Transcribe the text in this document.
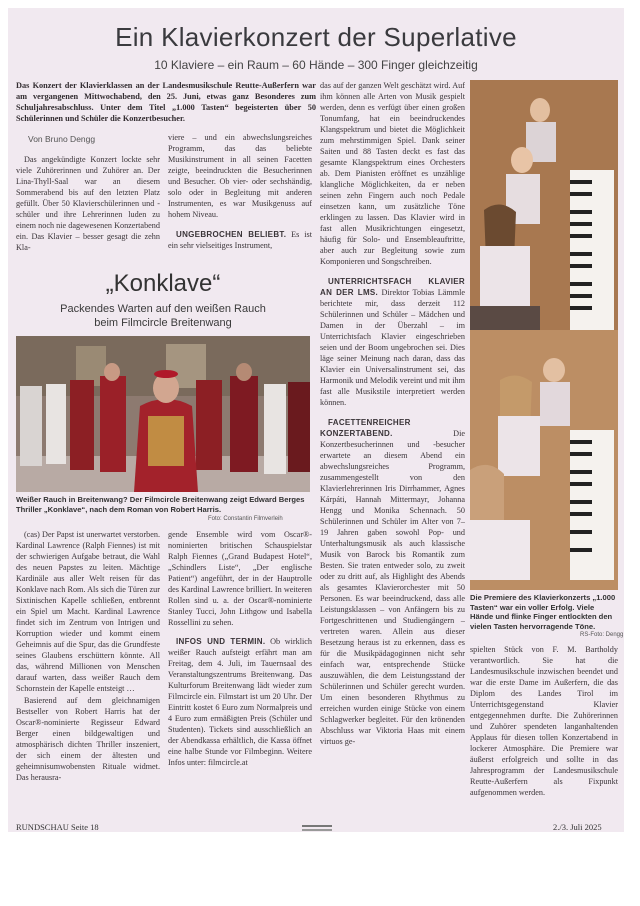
Ein Klavierkonzert der Superlative
10 Klaviere – ein Raum – 60 Hände – 300 Finger gleichzeitig
Das Konzert der Klavierklassen an der Landesmusikschule Reutte-Außerfern war am vergangenen Mittwochabend, den 25. Juni, etwas ganz Besonderes zum Schuljahresabschluss. Unter dem Titel „1.000 Tasten“ begeisterten über 50 Schülerinnen und Schüler die Konzertbesucher.
Von Bruno Dengg

Das angekündigte Konzert lockte sehr viele Zuhörerinnen und Zuhörer an. Der Lina-Thyll-Saal war an diesem Sommerabend bis auf den letzten Platz gefüllt. Über 50 Klavierschülerinnen und -schüler und ihre Lehrerinnen luden zu einem noch nie dagewesenen Konzertabend ein. Das Klavier – besser gesagt die zehn Kla-

viere – und ein abwechslungsreiches Programm, das das beliebte Musikinstrument in all seinen Facetten zeigte, beeindruckten die Besucherinnen und Besucher. Ob vier- oder sechshändig, solo oder in Begleitung mit anderen Instrumenten, es war Musikgenuss auf hohem Niveau.

UNGEBROCHEN BELIEBT. Es ist ein sehr vielseitiges Instrument,

„Konklave“
Packendes Warten auf den weißen Rauch beim Filmcircle Breitenwang
Weißer Rauch in Breitenwang? Der Filmcircle Breitenwang zeigt Edward Berges Thriller „Konklave“, nach dem Roman von Robert Harris.
Foto: Constantin Filmverleih

(cas) Der Papst ist unerwartet verstorben. Kardinal Lawrence (Ralph Fiennes) ist mit der schwierigen Aufgabe betraut, die Wahl des neuen Papstes zu leiten. Mächtige Kardinäle aus aller Welt reisen für das Konklave nach Rom. Als sich die Türen zur Sixtinischen Kapelle schließen, entbrennt ein Spiel um Macht. Kardinal Lawrence findet sich im Zentrum von Intrigen und Korruption wieder und kommt einem Geheimnis auf die Spur, das die Grundfeste seines Glaubens erschüttern könnte. All das, während Millionen von Menschen darauf warten, dass weißer Rauch dem Schornstein der Kapelle entsteigt …

Basierend auf dem gleichnamigen Bestseller von Robert Harris hat der Oscar®-nominierte Regisseur Edward Berger einen bildgewaltigen und atmosphärisch dichten Thriller inszeniert, der sich einem der ältesten und geheimnisumwobensten Rituale widmet. Das herausra-

gende Ensemble wird vom Oscar®-nominierten britischen Schauspielstar Ralph Fiennes („Grand Budapest Hotel“, „Schindlers Liste“, „Der englische Patient“) angeführt, der in der Hauptrolle des Kardinal Lawrence brilliert. In weiteren Rollen sind u. a. der Oscar®-nominierte Stanley Tucci, John Lithgow und Isabella Rossellini zu sehen.

INFOS UND TERMIN. Ob wirklich weißer Rauch aufsteigt erfährt man am Freitag, dem 4. Juli, im Tauernsaal des Veranstaltungszentrums Breitenwang. Das Kulturforum Breitenwang lädt wieder zum Filmcircle ein. Filmstart ist um 20 Uhr. Der Eintritt kostet 6 Euro zum Normalpreis und 4 Euro zum ermäßigten Preis (Schüler und Studenten). Tickets sind ausschließlich an der Abendkassa erhältlich, die Kassa öffnet eine halbe Stunde vor Filmbeginn. Weitere Infos unter: filmcircle.at

das auf der ganzen Welt geschätzt wird. Auf ihm können alle Arten von Musik gespielt werden, denn es verfügt über einen großen Tonumfang, hat ein beeindruckendes Klangspektrum und bietet die Möglichkeit zum mehrstimmigen Spiel. Dank seiner Saiten und 88 Tasten deckt es fast das gesamte Klangspektrum eines Orchesters ab. Dem Pianisten eröffnet es unzählige klangliche Möglichkeiten, da er neben seinen zehn Fingern auch noch Pedale einsetzen kann, um zusätzliche Töne erklingen zu lassen. Das Klavier wird in fast allen Musikrichtungen eingesetzt, häufig für Solo- und Ensembleauftritte, aber auch zur Begleitung sowie zum Komponieren und Songschreiben.

UNTERRICHTSFACH KLAVIER AN DER LMS. Direktor Tobias Lämmle berichtete mir, dass derzeit 112 Schülerinnen und Schüler – Mädchen und Damen in der Überzahl – im Unterrichtsfach Klavier eingeschrieben seien und der Boom ungebrochen sei. Dies läge seiner Meinung nach daran, dass das Klavier ein Universalinstrument sei, das Harmonik und Melodik vereint und mit ihm fast alle Musikstile interpretiert werden können.

FACETTENREICHER KONZERTABEND.	Die Konzertbesucherinnen und -besucher erwartete an diesem Abend ein abwechslungsreiches Programm, zusammengestellt von den Klavierlehrerinnen Iris Dirrhammer, Agnes Kárpáti, Hannah Mittermayr, Johanna Hengg und Monika Schennach. 50 Schülerinnen und Schüler im Alter von 7–19 Jahren gaben sowohl Pop- und Unterhaltungsmusik als auch klassische Musik von Barock bis Romantik zum Besten. Sie traten entweder solo, zu zweit oder zu dritt auf, als Highlight des Abends als gesamtes Klavierorchester mit 50 Personen. Es war beeindruckend, dass alle Leistungsklassen – von Anfängern bis zu Fortgeschrittenen und Studiengängern – vertreten waren. Allein aus dieser Besetzung heraus ist zu erkennen, dass es für die Musikpädagoginnen nicht sehr einfach war, entsprechende Stücke auszuwählen, die dem Leistungsstand der Schülerinnen und Schüler gerecht wurden. Um einen besonderen Rhythmus zu erreichen wurden einige Stücke von einem Schlagwerker begleitet. Für den krönenden Abschluss war Viktoria Haas mit einem virtuos ge-

Die Premiere des Klavierkonzerts „1.000 Tasten“ war ein voller Erfolg. Viele Hände und flinke Finger entlockten den vielen Tasten hervorragende Töne.
RS-Foto: Dengg

spielten Stück von F. M. Bartholdy verantwortlich. Sie hat die Landesmusikschule inzwischen beendet und war die erste Dame im Außerfern, die das Diplom des Landes Tirol im Unterrichtsgegenstand Klavier entgegennehmen durfte. Die Zuhörerinnen und Zuhörer spendeten langanhaltenden Applaus für diesen tollen Konzertabend in lockerer Atmosphäre. Die Premiere war äußerst erfolgreich und sollte in das Jahresprogramm der Landesmusikschule Reutte-Außerfern als Fixpunkt aufgenommen werden.

RUNDSCHAU Seite 18	2./3. Juli 2025
